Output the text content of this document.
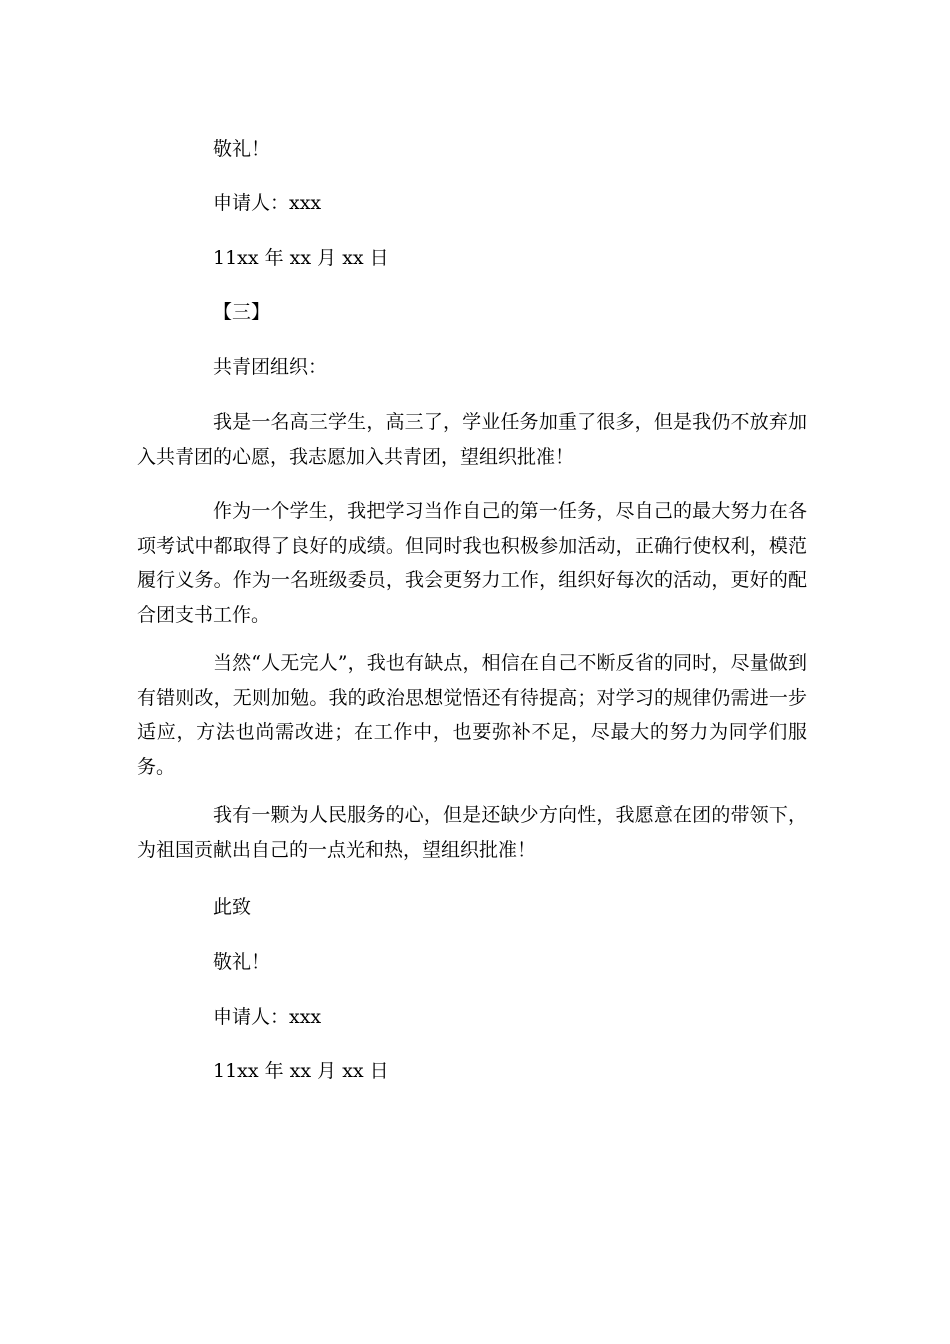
敬礼！

申请人：xxx

11xx 年 xx 月 xx 日

【三】

共青团组织：

我是一名高三学生，高三了，学业任务加重了很多，但是我仍不放弃加入共青团的心愿，我志愿加入共青团，望组织批准！

作为一个学生，我把学习当作自己的第一任务，尽自己的最大努力在各项考试中都取得了良好的成绩。但同时我也积极参加活动，正确行使权利，模范履行义务。作为一名班级委员，我会更努力工作，组织好每次的活动，更好的配合团支书工作。

当然“人无完人”，我也有缺点，相信在自己不断反省的同时，尽量做到有错则改，无则加勉。我的政治思想觉悟还有待提高；对学习的规律仍需进一步适应，方法也尚需改进；在工作中，也要弥补不足，尽最大的努力为同学们服务。

我有一颗为人民服务的心，但是还缺少方向性，我愿意在团的带领下，为祖国贡献出自己的一点光和热，望组织批准！

此致

敬礼！

申请人：xxx

11xx 年 xx 月 xx 日
